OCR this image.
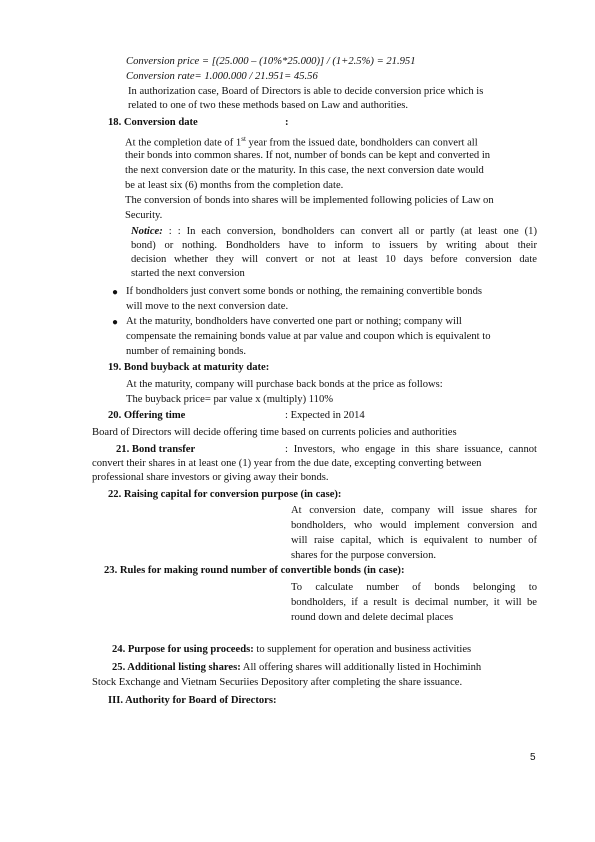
Conversion price = [(25.000 – (10%*25.000)] / (1+2.5%) = 21.951
Conversion rate= 1.000.000 / 21.951= 45.56
In authorization case, Board of Directors is able to decide conversion price which is
related to one of two these methods based on Law and authorities.
18. Conversion date	:
At the completion date of 1st year from the issued date, bondholders can convert all
their bonds into common shares. If not, number of bonds can be kept and converted in
the next conversion date or the maturity. In this case, the next conversion date would
be at least six (6) months from the completion date.
The conversion of bonds into shares will be implemented following policies of Law on
Security.
Notice: : : In each conversion, bondholders can convert all or partly (at least one (1)
bond) or nothing. Bondholders have to inform to issuers by writing about their
decision whether they will convert or not at least 10 days before conversion date
started the next conversion
● If bondholders just convert some bonds or nothing, the remaining convertible bonds
will move to the next conversion date.
● At the maturity, bondholders have converted one part or nothing; company will
compensate the remaining bonds value at par value and coupon which is equivalent to
number of remaining bonds.
19. Bond buyback at maturity date:
At the maturity, company will purchase back bonds at the price as follows:
The buyback price= par value x (multiply) 110%
20. Offering time	: Expected in 2014
Board of Directors will decide offering time based on currents policies and authorities
21. Bond transfer	: Investors, who engage in this share issuance, cannot
convert their shares in at least one (1) year from the due date, excepting converting between
professional share investors or giving away their bonds.
22. Raising capital for conversion purpose (in case):
At conversion date, company will issue shares for
bondholders, who would implement conversion and
will raise capital, which is equivalent to number of
shares for the purpose conversion.
23. Rules for making round number of convertible bonds (in case):
To calculate number of bonds belonging to
bondholders, if a result is decimal number, it will be
round down and delete decimal places
24. Purpose for using proceeds: to supplement for operation and business activities
25. Additional listing shares: All offering shares will additionally listed in Hochiminh
Stock Exchange and Vietnam Securiies Depository after completing the share issuance.
III. Authority for Board of Directors:
5
